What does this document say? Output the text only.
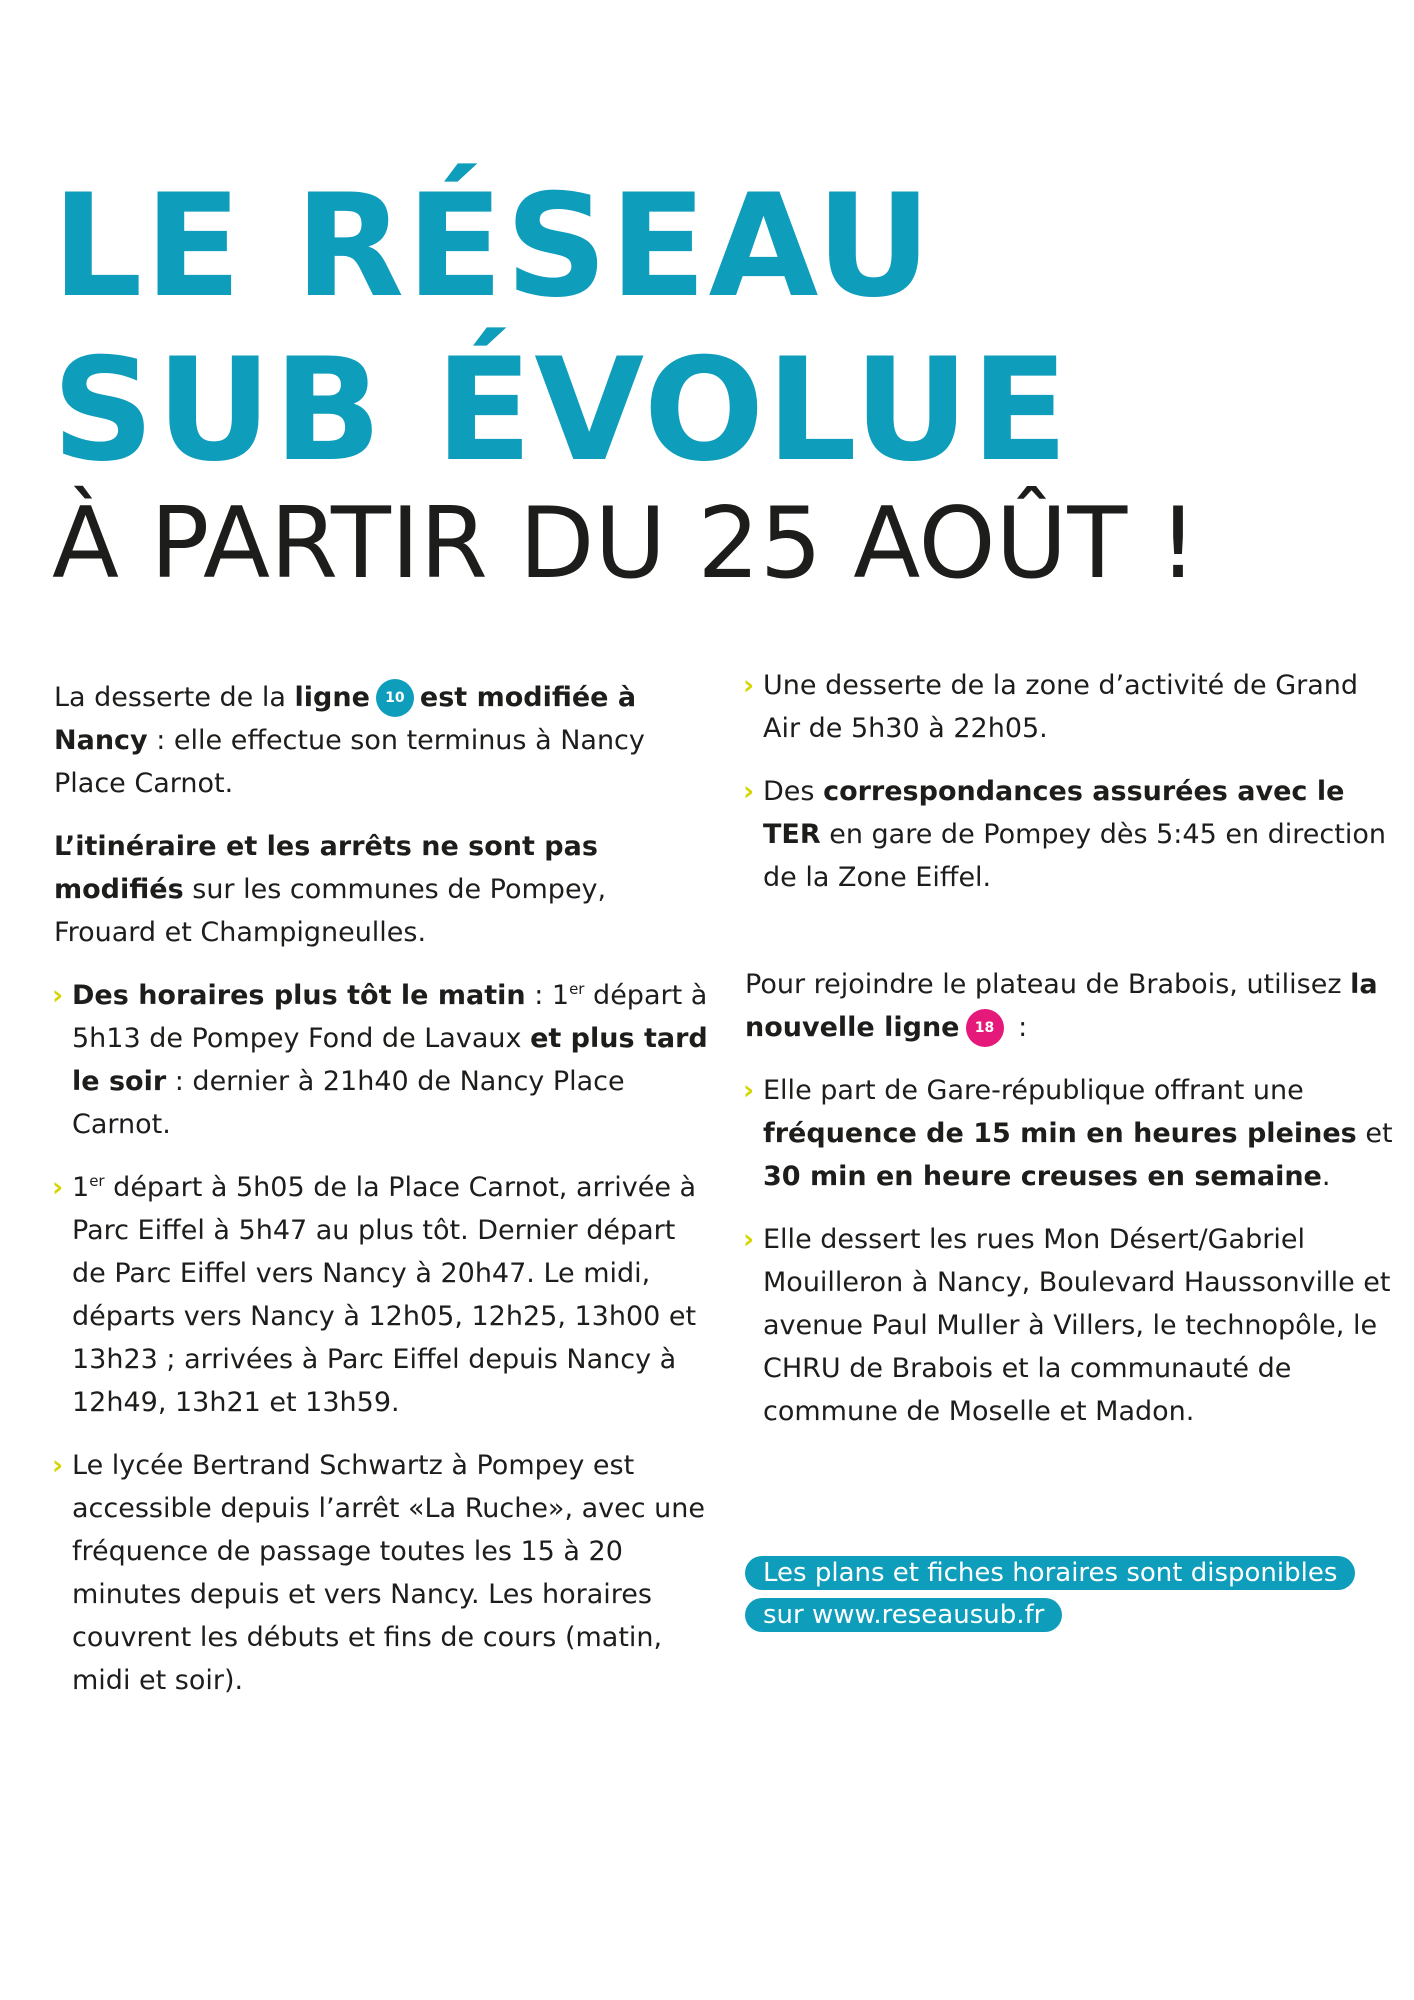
LE RÉSEAU
SUB ÉVOLUE
À PARTIR DU 25 AOÛT !

La desserte de la ligne 10 est modifiée à Nancy : elle effectue son terminus à Nancy Place Carnot.

L’itinéraire et les arrêts ne sont pas modifiés sur les communes de Pompey, Frouard et Champigneulles.

› Des horaires plus tôt le matin : 1er départ à 5h13 de Pompey Fond de Lavaux et plus tard le soir : dernier à 21h40 de Nancy Place Carnot.

› 1er départ à 5h05 de la Place Carnot, arrivée à Parc Eiffel à 5h47 au plus tôt. Dernier départ de Parc Eiffel vers Nancy à 20h47. Le midi, départs vers Nancy à 12h05, 12h25, 13h00 et 13h23 ; arrivées à Parc Eiffel depuis Nancy à 12h49, 13h21 et 13h59.

› Le lycée Bertrand Schwartz à Pompey est accessible depuis l’arrêt «La Ruche», avec une fréquence de passage toutes les 15 à 20 minutes depuis et vers Nancy. Les horaires couvrent les débuts et fins de cours (matin, midi et soir).

› Une desserte de la zone d’activité de Grand Air de 5h30 à 22h05.

› Des correspondances assurées avec le TER en gare de Pompey dès 5:45 en direction de la Zone Eiffel.

Pour rejoindre le plateau de Brabois, utilisez la nouvelle ligne 18 :

› Elle part de Gare-république offrant une fréquence de 15 min en heures pleines et 30 min en heure creuses en semaine.

› Elle dessert les rues Mon Désert/Gabriel Mouilleron à Nancy, Boulevard Haussonville et avenue Paul Muller à Villers, le technopôle, le CHRU de Brabois et la communauté de commune de Moselle et Madon.

Les plans et fiches horaires sont disponibles
sur www.reseausub.fr
